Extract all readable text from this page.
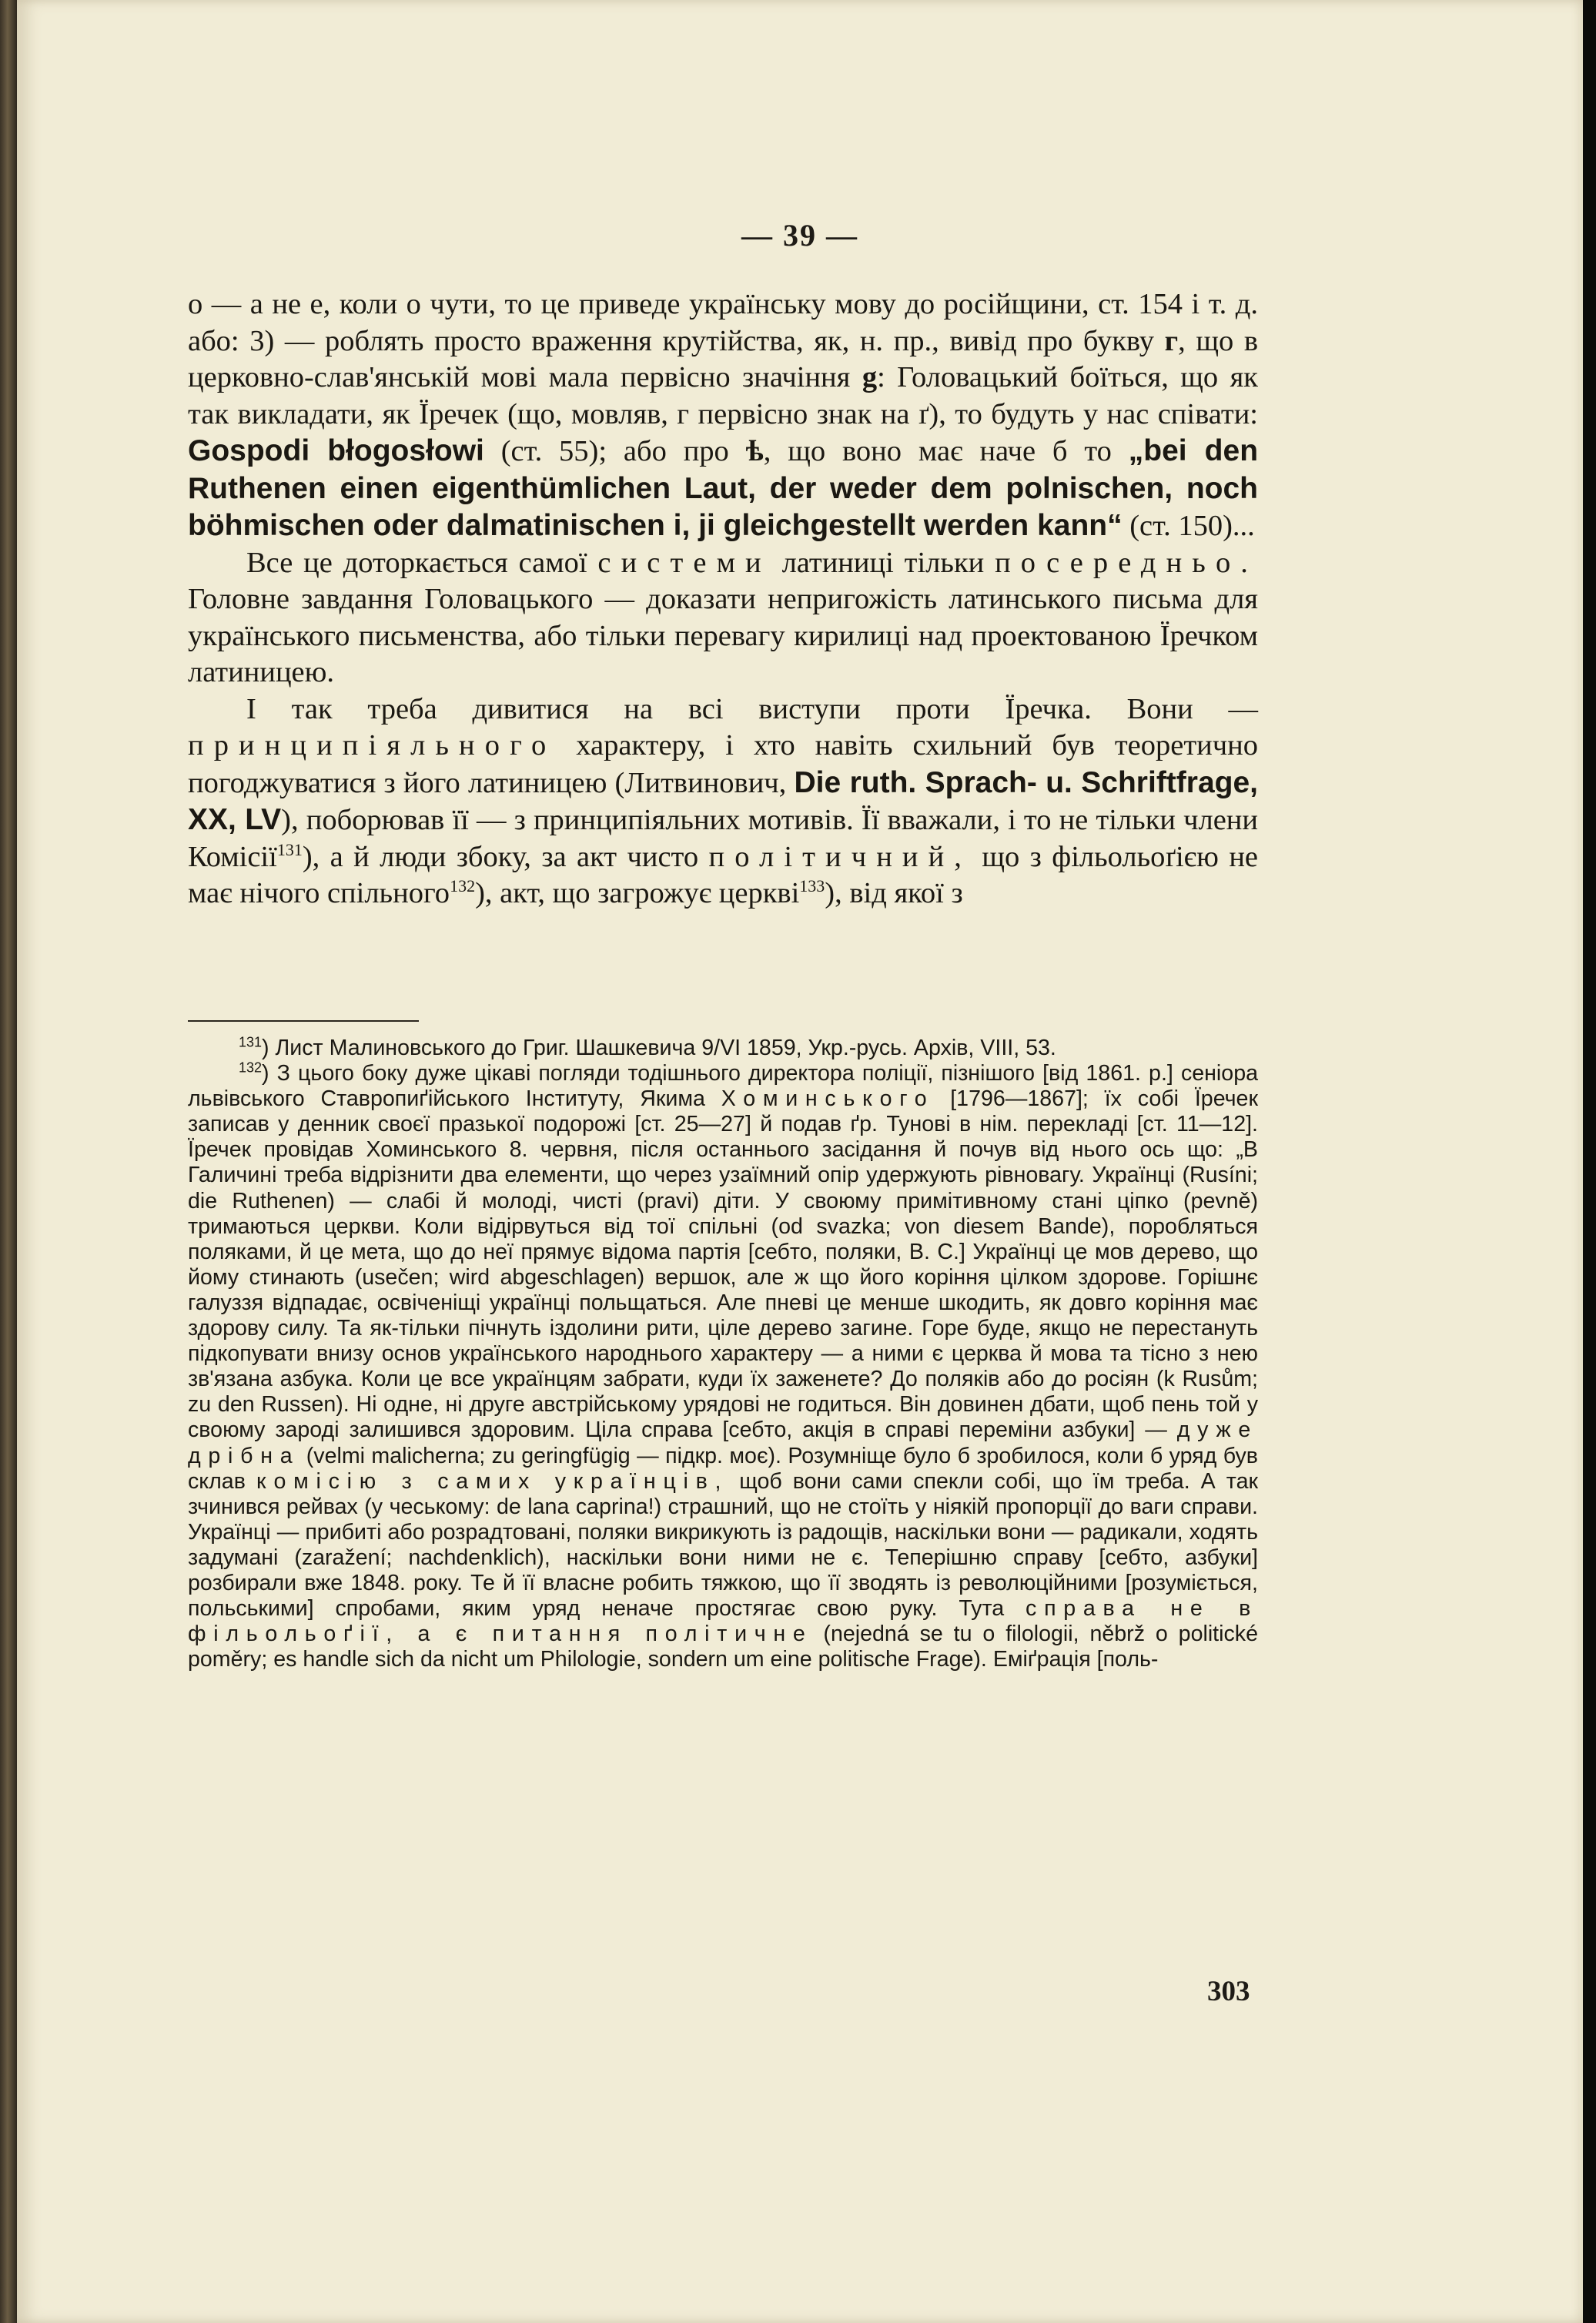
— 39 —

о — а не е, коли о чути, то це приведе українську мову до російщини, ст. 154 і т. д. або: 3) — роблять просто враження крутійства, як, н. пр., вивід про букву г, що в церковно-слав'янській мові мала первісно значіння g: Головацький боїться, що як так викладати, як Їречек (що, мовляв, г первісно знак на ґ), то будуть у нас співати: Gospodi błogosłowi (ст. 55); або про ѣ, що воно має наче б то „bei den Ruthenen einen eigenthümlichen Laut, der weder dem polnischen, noch böhmischen oder dalmatinischen i, ji gleichgestellt werden kann“ (ст. 150)...

Все це доторкається самої системи латиниці тільки посередньо. Головне завдання Головацького — доказати непригожість латинського письма для українського письменства, або тільки перевагу кирилиці над проектованою Їречком латиницею.

І так треба дивитися на всі виступи проти Їречка. Вони — принципіяльного характеру, і хто навіть схильний був теоретично погоджуватися з його латиницею (Литвинович, Die ruth. Sprach- u. Schriftfrage, XX, LV), поборював її — з принципіяльних мотивів. Її вважали, і то не тільки члени Комісії$^{131}$), а й люди збоку, за акт чисто політичний, що з фільольоґією не має нічого спільного$^{132}$), акт, що загрожує церкві$^{133}$), від якої з

$^{131}$) Лист Малиновського до Григ. Шашкевича 9/VI 1859, Укр.-русь. Архів, VIII, 53.

$^{132}$) З цього боку дуже цікаві погляди тодішнього директора поліції, пізнішого [від 1861. р.] сеніора львівського Ставропиґійського Інституту, Якима Хоминського [1796—1867]; їх собі Їречек записав у денник своєї празької подорожі [ст. 25—27] й подав ґр. Тунові в нім. перекладі [ст. 11—12]. Їречек провідав Хоминського 8. червня, після останнього засідання й почув від нього ось що: „В Галичині треба відрізнити два елементи, що через узаїмний опір удержують рівновагу. Українці (Rusíni; die Ruthenen) — слабі й молоді, чисті (pravi) діти. У своюму примітивному стані ціпко (pevně) тримаються церкви. Коли відірвуться від тої спільні (od svazka; von diesem Bande), поробляться поляками, й це мета, що до неї прямує відома партія [себто, поляки, В. С.] Українці це мов дерево, що йому стинають (usečen; wird abgeschlagen) вершок, але ж що його коріння цілком здорове. Горішнє галуззя відпадає, освіченіщі українці польщаться. Але пневі це менше шкодить, як довго коріння має здорову силу. Та як-тільки пічнуть іздолини рити, ціле дерево загине. Горе буде, якщо не перестануть підкопувати внизу основ українського народнього характеру — а ними є церква й мова та тісно з нею зв'язана азбука. Коли це все українцям забрати, куди їх заженете? До поляків або до росіян (k Rusům; zu den Russen). Ні одне, ні друге австрійському урядові не годиться. Він довинен дбати, щоб пень той у своюму зароді залишився здоровим. Ціла справа [себто, акція в справі переміни азбуки] — дуже дрібна (velmi malicherna; zu geringfügig — підкр. моє). Розумніще було б зробилося, коли б уряд був склав комісію з самих українців, щоб вони сами спекли собі, що їм треба. А так зчинився рейвах (у чеському: de lana caprina!) страшний, що не стоїть у ніякій пропорції до ваги справи. Українці — прибиті або розрадтовані, поляки викрикують із радощів, наскільки вони — радикали, ходять задумані (zaražení; nachdenklich), наскільки вони ними не є. Теперішню справу [себто, азбуки] розбирали вже 1848. року. Те й її власне робить тяжкою, що її зводять із революційними [розуміється, польськими] спробами, яким уряд неначе простягає свою руку. Тута справа не в фільольоґії, а є питання політичне (nejedná se tu o filologii, něbrž o politické poměry; es handle sich da nicht um Philologie, sondern um eine politische Frage). Еміґрація [поль-

303
